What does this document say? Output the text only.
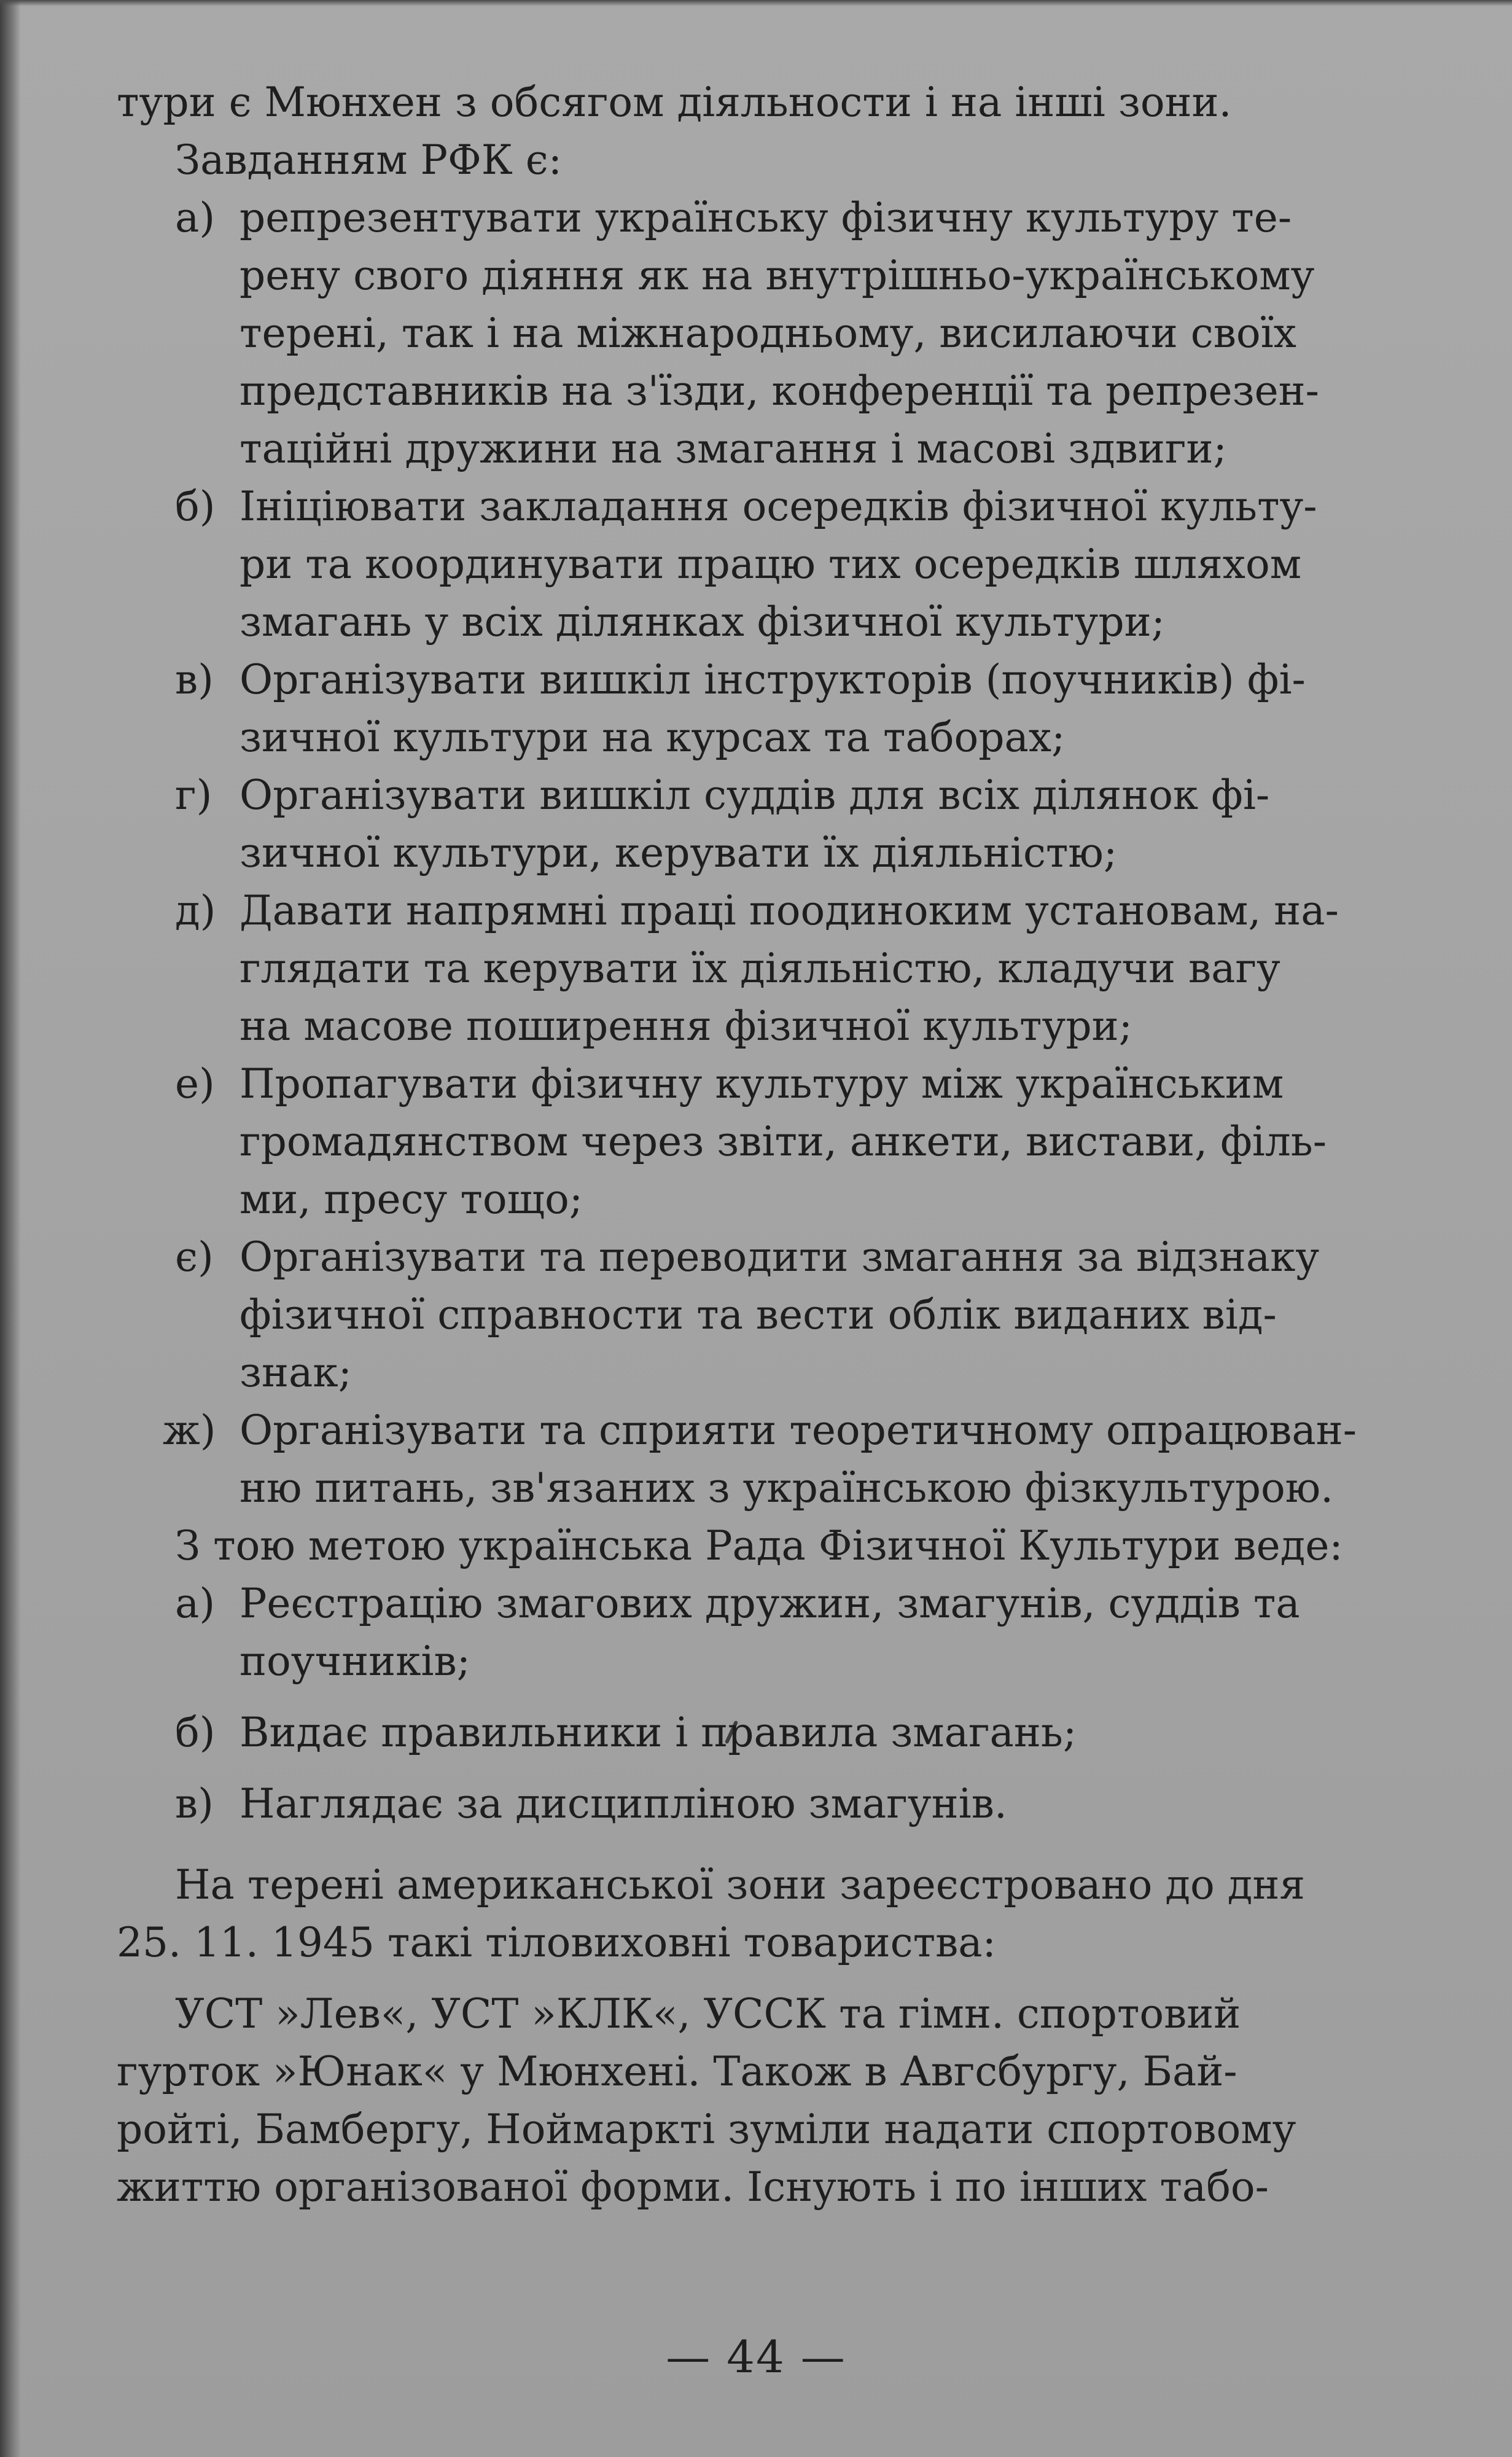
тури є Мюнхен з обсягом діяльности і на інші зони.
Завданням РФК є:
а) репрезентувати українську фізичну культуру те-
рену свого діяння як на внутрішньо-українському
терені, так і на міжнародньому, висилаючи своїх
представників на з'їзди, конференції та репрезен-
таційні дружини на змагання і масові здвиги;
б) Ініціювати закладання осередків фізичної культу-
ри та координувати працю тих осередків шляхом
змагань у всіх ділянках фізичної культури;
в) Організувати вишкіл інструкторів (поучників) фі-
зичної культури на курсах та таборах;
г) Організувати вишкіл суддів для всіх ділянок фі-
зичної культури, керувати їх діяльністю;
д) Давати напрямні праці поодиноким установам, на-
глядати та керувати їх діяльністю, кладучи вагу
на масове поширення фізичної культури;
е) Пропагувати фізичну культуру між українським
громадянством через звіти, анкети, вистави, філь-
ми, пресу тощо;
є) Організувати та переводити змагання за відзнаку
фізичної справности та вести облік виданих від-
знак;
ж) Організувати та сприяти теоретичному опрацюван-
ню питань, зв'язаних з українською фізкультурою.
З тою метою українська Рада Фізичної Культури веде:
а) Реєстрацію змагових дружин, змагунів, суддів та
поучників;
б) Видає правильники і правила змагань;
в) Наглядає за дисципліною змагунів.
На терені американської зони зареєстровано до дня
25. 11. 1945 такі тіловиховні товариства:
УСТ »Лев«, УСТ »КЛК«, УССК та гімн. спортовий
гурток »Юнак« у Мюнхені. Також в Авгсбургу, Бай-
ройті, Бамбергу, Ноймаркті зуміли надати спортовому
життю організованої форми. Існують і по інших табо-
— 44 —
